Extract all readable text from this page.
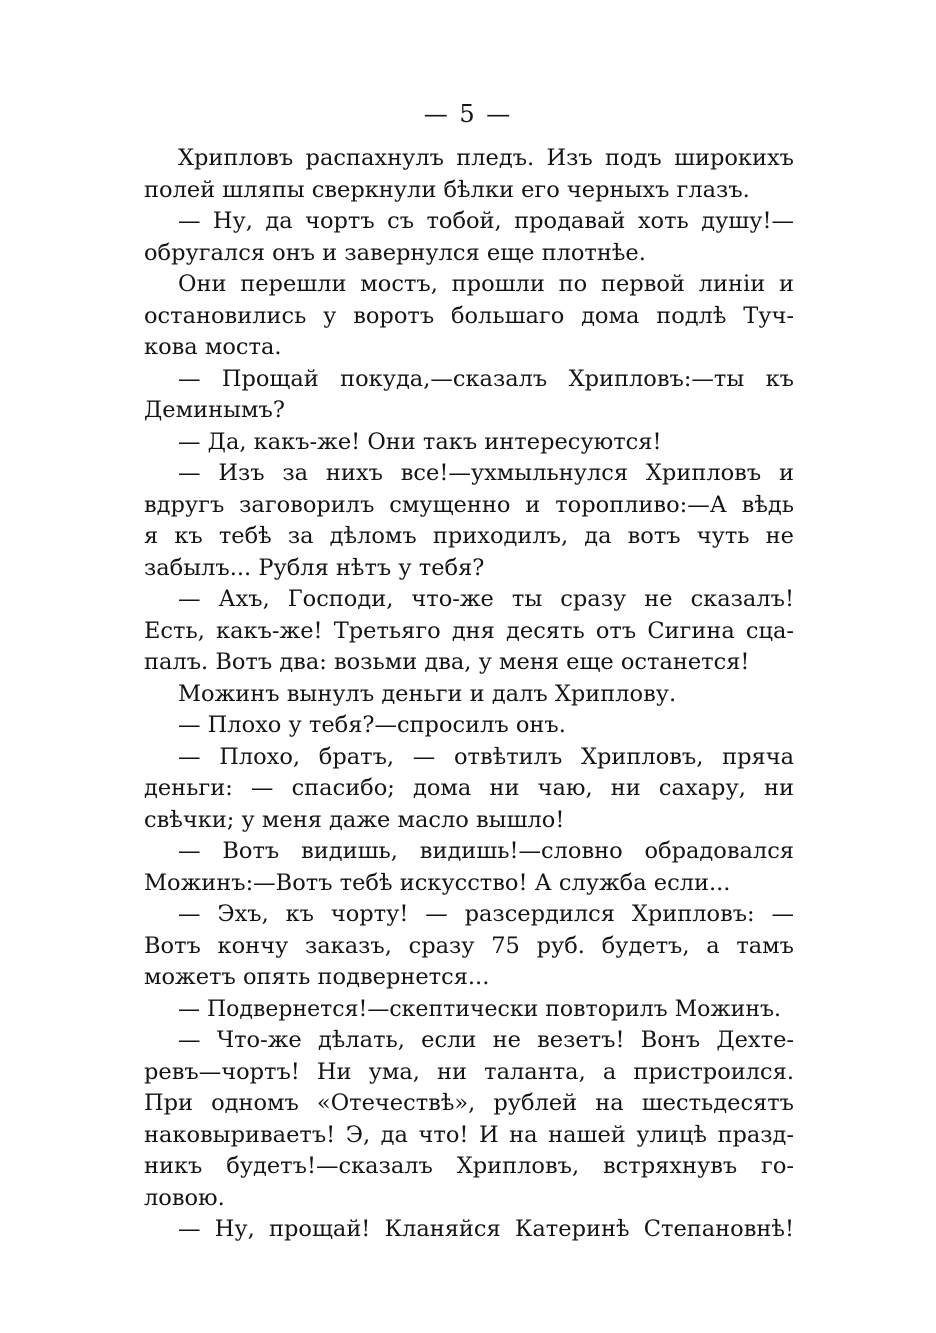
— 5 —
Хрипловъ распахнулъ пледъ. Изъ подъ широкихъ
полей шляпы сверкнули бѣлки его черныхъ глазъ.
— Ну, да чортъ съ тобой, продавай хоть душу!—
обругался онъ и завернулся еще плотнѣе.
Они перешли мостъ, прошли по первой линіи и
остановились у воротъ большаго дома подлѣ Туч-
кова моста.
— Прощай покуда,—сказалъ Хрипловъ:—ты къ
Деминымъ?
— Да, какъ-же! Они такъ интересуются!
— Изъ за нихъ все!—ухмыльнулся Хрипловъ и
вдругъ заговорилъ смущенно и торопливо:—А вѣдь
я къ тебѣ за дѣломъ приходилъ, да вотъ чуть не
забылъ... Рубля нѣтъ у тебя?
— Ахъ, Господи, что-же ты сразу не сказалъ!
Есть, какъ-же! Третьяго дня десять отъ Сигина сца-
палъ. Вотъ два: возьми два, у меня еще останется!
Можинъ вынулъ деньги и далъ Хриплову.
— Плохо у тебя?—спросилъ онъ.
— Плохо, братъ, — отвѣтилъ Хрипловъ, пряча
деньги: — спасибо; дома ни чаю, ни сахару, ни
свѣчки; у меня даже масло вышло!
— Вотъ видишь, видишь!—словно обрадовался
Можинъ:—Вотъ тебѣ искусство! А служба если...
— Эхъ, къ чорту! — разсердился Хрипловъ: —
Вотъ кончу заказъ, сразу 75 руб. будетъ, а тамъ
можетъ опять подвернется...
— Подвернется!—скептически повторилъ Можинъ.
— Что-же дѣлать, если не везетъ! Вонъ Дехте-
ревъ—чортъ! Ни ума, ни таланта, а пристроился.
При одномъ «Отечествѣ», рублей на шестьдесятъ
наковыриваетъ! Э, да что! И на нашей улицѣ празд-
никъ будетъ!—сказалъ Хрипловъ, встряхнувъ го-
ловою.
— Ну, прощай! Кланяйся Катеринѣ Степановнѣ!
